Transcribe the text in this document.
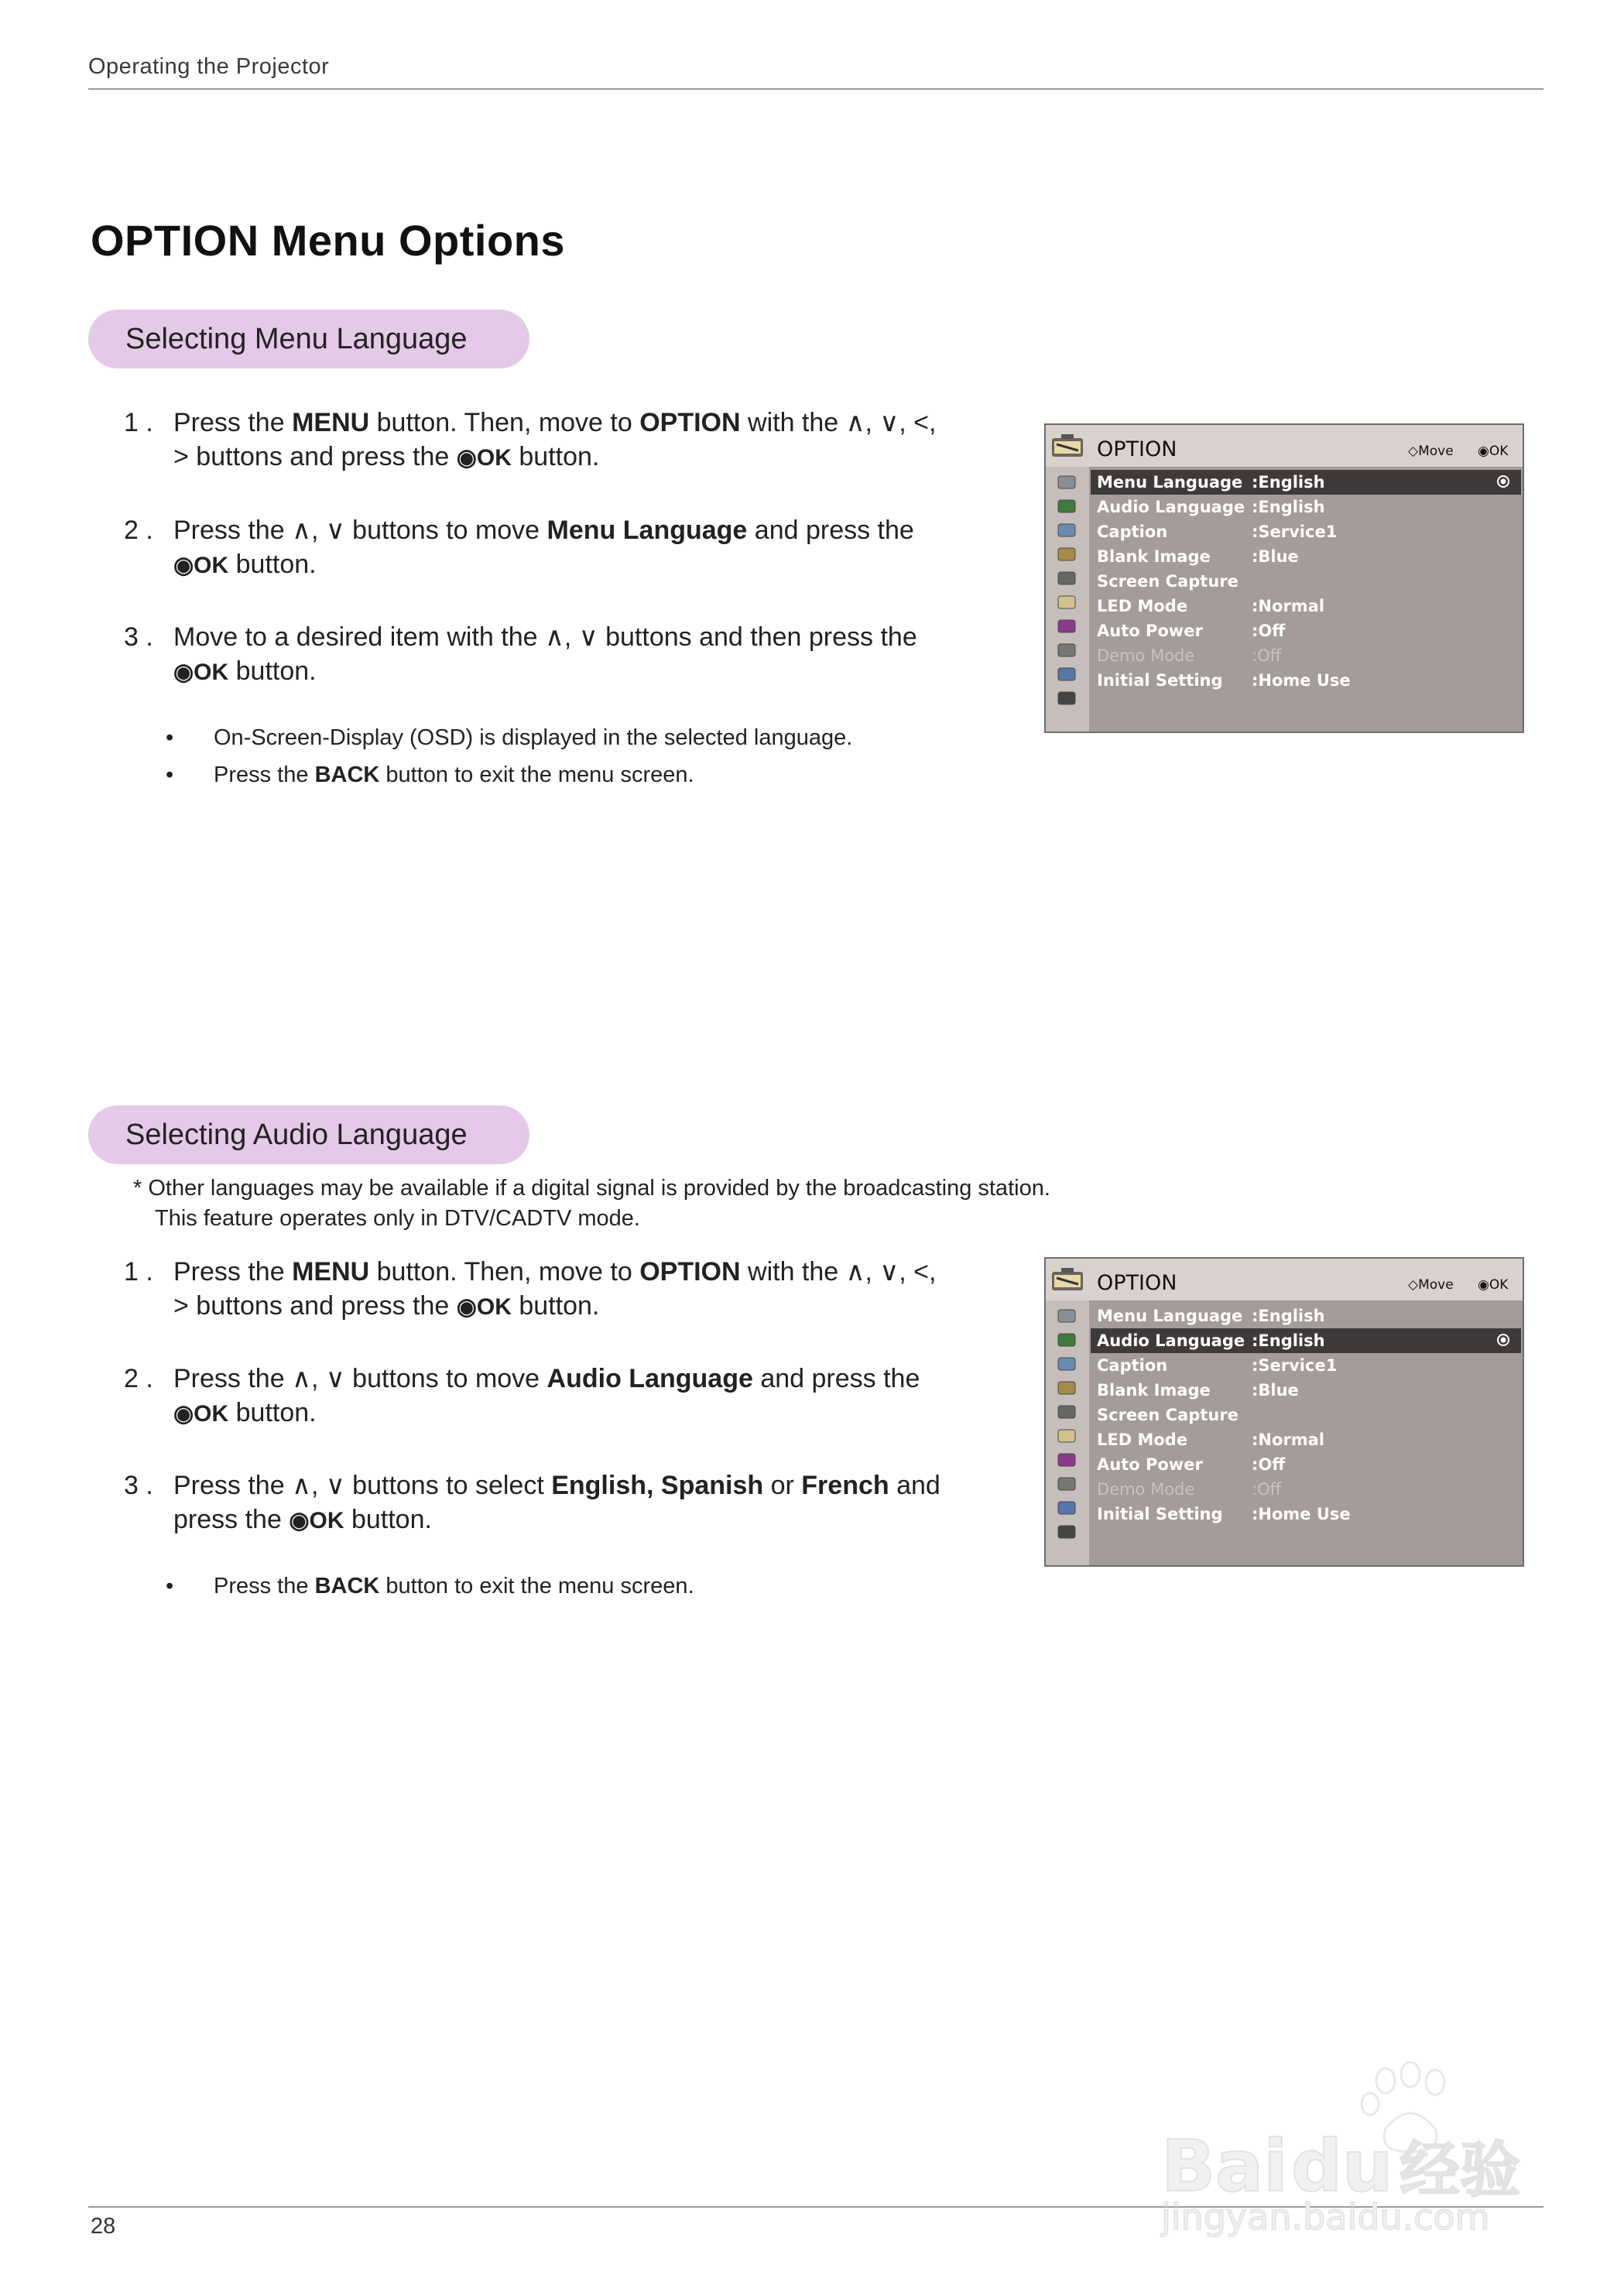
Operating the Projector
OPTION Menu Options
Selecting Menu Language
1 . Press the MENU button. Then, move to OPTION with the ∧, ∨, <,
> buttons and press the ◉OK button.
2 . Press the ∧, ∨ buttons to move Menu Language and press the
◉OK button.
3 . Move to a desired item with the ∧, ∨ buttons and then press the
◉OK button.
• On-Screen-Display (OSD) is displayed in the selected language.
• Press the BACK button to exit the menu screen.
OPTION	◇Move ◉OK
Menu Language :English
Audio Language :English
Caption	:Service1
Blank Image	:Blue
Screen Capture
LED Mode	:Normal
Auto Power	:Off
Demo Mode	:Off
Initial Setting :Home Use
Selecting Audio Language
* Other languages may be available if a digital signal is provided by the broadcasting station.
This feature operates only in DTV/CADTV mode.
1 . Press the MENU button. Then, move to OPTION with the ∧, ∨, <,
> buttons and press the ◉OK button.
2 . Press the ∧, ∨ buttons to move Audio Language and press the
◉OK button.
3 . Press the ∧, ∨ buttons to select English, Spanish or French and
press the ◉OK button.
• Press the BACK button to exit the menu screen.
OPTION	◇Move ◉OK
Menu Language :English
Audio Language :English
Caption	:Service1
Blank Image	:Blue
Screen Capture
LED Mode	:Normal
Auto Power	:Off
Demo Mode	:Off
Initial Setting :Home Use
28
Bai du 经验
jingyan.baidu.com
